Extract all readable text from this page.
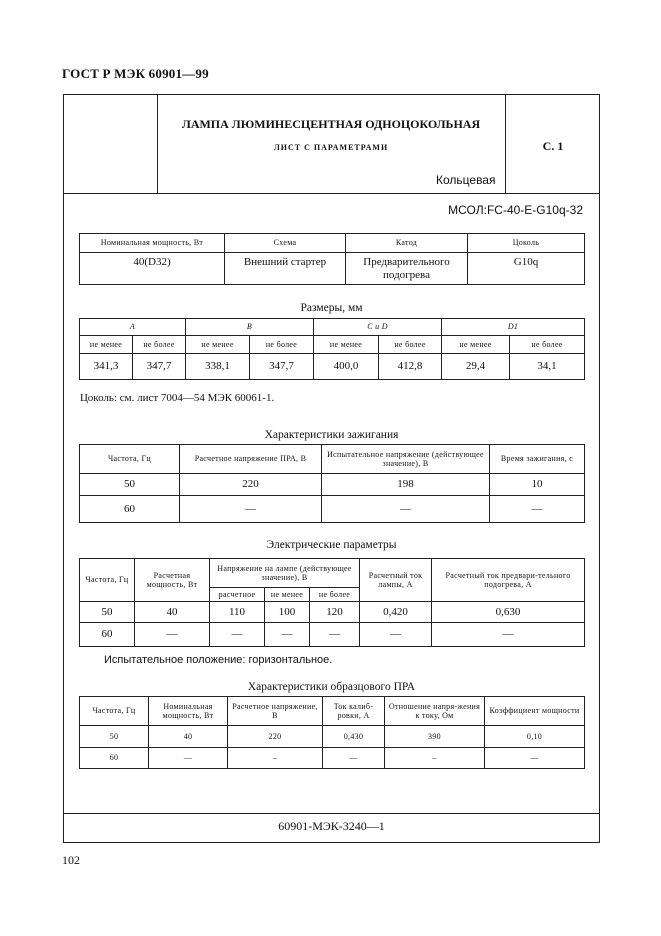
ГОСТ Р МЭК 60901—99
ЛАМПА ЛЮМИНЕСЦЕНТНАЯ ОДНОЦОКОЛЬНАЯ
ЛИСТ С ПАРАМЕТРАМИ
Кольцевая
С. 1
МСОЛ:FC-40-E-G10q-32
60901-МЭК-3240—1
Номинальная мощность, Вт	Схема	Катод	Цоколь
40(D32)	Внешний стартер	Предварительного подогрева	G10q
Размеры, мм
A		B		C и D		D1	
не менее	не более	не менее	не более	не менее	не более	не менее	не более
341,3	347,7	338,1	347,7	400,0	412,8	29,4	34,1
Цоколь: см. лист 7004—54 МЭК 60061-1.
Характеристики зажигания
Частота, Гц	Расчетное напряжение ПРА, В	Испытательное напряжение (действующее значение), В	Время зажигания, с
50	220	198	10
60	—	—	—
Электрические параметры
Частота, Гц	Расчетная мощность, Вт	Напряжение на лампе (действующее значение), В			Расчетный ток лампы, А	Расчетный ток предвари-тельного подогрева, А
		расчетное	не менее	не более		
50	40	110	100	120	0,420	0,630
60	—	—	—	—	—	—
Испытательное положение: горизонтальное.
Характеристики образцового ПРА
Частота, Гц	Номинальная мощность, Вт	Расчетное напряжение, В	Ток калиб-ровки, А	Отношение напря-жения к току, Ом	Коэффициент мощности
50	40	220	0,430	390	0,10
60	—	–	—	–	—
102
